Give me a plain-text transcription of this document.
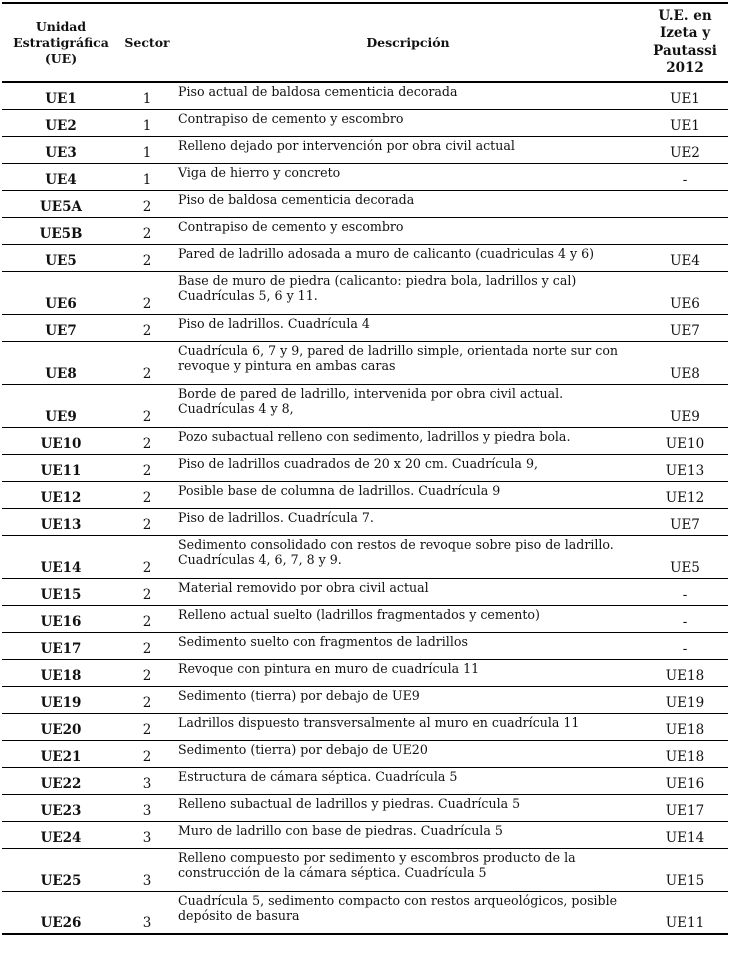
Unidad Estratigráfica (UE)	Sector	Descripción	U.E. en Izeta y Pautassi 2012
UE1	1	Piso actual de baldosa cementicia decorada	UE1
UE2	1	Contrapiso de cemento y escombro	UE1
UE3	1	Relleno dejado por intervención por obra civil actual	UE2
UE4	1	Viga de hierro y concreto	-
UE5A	2	Piso de baldosa cementicia decorada	
UE5B	2	Contrapiso de cemento y escombro	
UE5	2	Pared de ladrillo adosada a muro de calicanto (cuadriculas 4 y 6)	UE4
UE6	2	Base de muro de piedra (calicanto: piedra bola, ladrillos y cal) Cuadrículas 5, 6 y 11.	UE6
UE7	2	Piso de ladrillos. Cuadrícula 4	UE7
UE8	2	Cuadrícula 6, 7 y 9, pared de ladrillo simple, orientada norte sur con revoque y pintura en ambas caras	UE8
UE9	2	Borde de pared de ladrillo, intervenida por obra civil actual. Cuadrículas 4 y 8,	UE9
UE10	2	Pozo subactual relleno con sedimento, ladrillos y piedra bola.	UE10
UE11	2	Piso de ladrillos cuadrados de 20 x 20 cm. Cuadrícula 9,	UE13
UE12	2	Posible base de columna de ladrillos. Cuadrícula 9	UE12
UE13	2	Piso de ladrillos. Cuadrícula 7.	UE7
UE14	2	Sedimento consolidado con restos de revoque sobre piso de ladrillo. Cuadrículas 4, 6, 7, 8 y 9.	UE5
UE15	2	Material removido por obra civil actual	-
UE16	2	Relleno actual suelto (ladrillos fragmentados y cemento)	-
UE17	2	Sedimento suelto con fragmentos de ladrillos	-
UE18	2	Revoque con pintura en muro de cuadrícula 11	UE18
UE19	2	Sedimento (tierra) por debajo de UE9	UE19
UE20	2	Ladrillos dispuesto transversalmente al muro en cuadrícula 11	UE18
UE21	2	Sedimento (tierra) por debajo de UE20	UE18
UE22	3	Estructura de cámara séptica. Cuadrícula 5	UE16
UE23	3	Relleno subactual de ladrillos y piedras. Cuadrícula 5	UE17
UE24	3	Muro de ladrillo con base de piedras. Cuadrícula 5	UE14
UE25	3	Relleno compuesto por sedimento y escombros producto de la construcción de la cámara séptica. Cuadrícula 5	UE15
UE26	3	Cuadrícula 5, sedimento compacto con restos arqueológicos, posible depósito de basura	UE11
